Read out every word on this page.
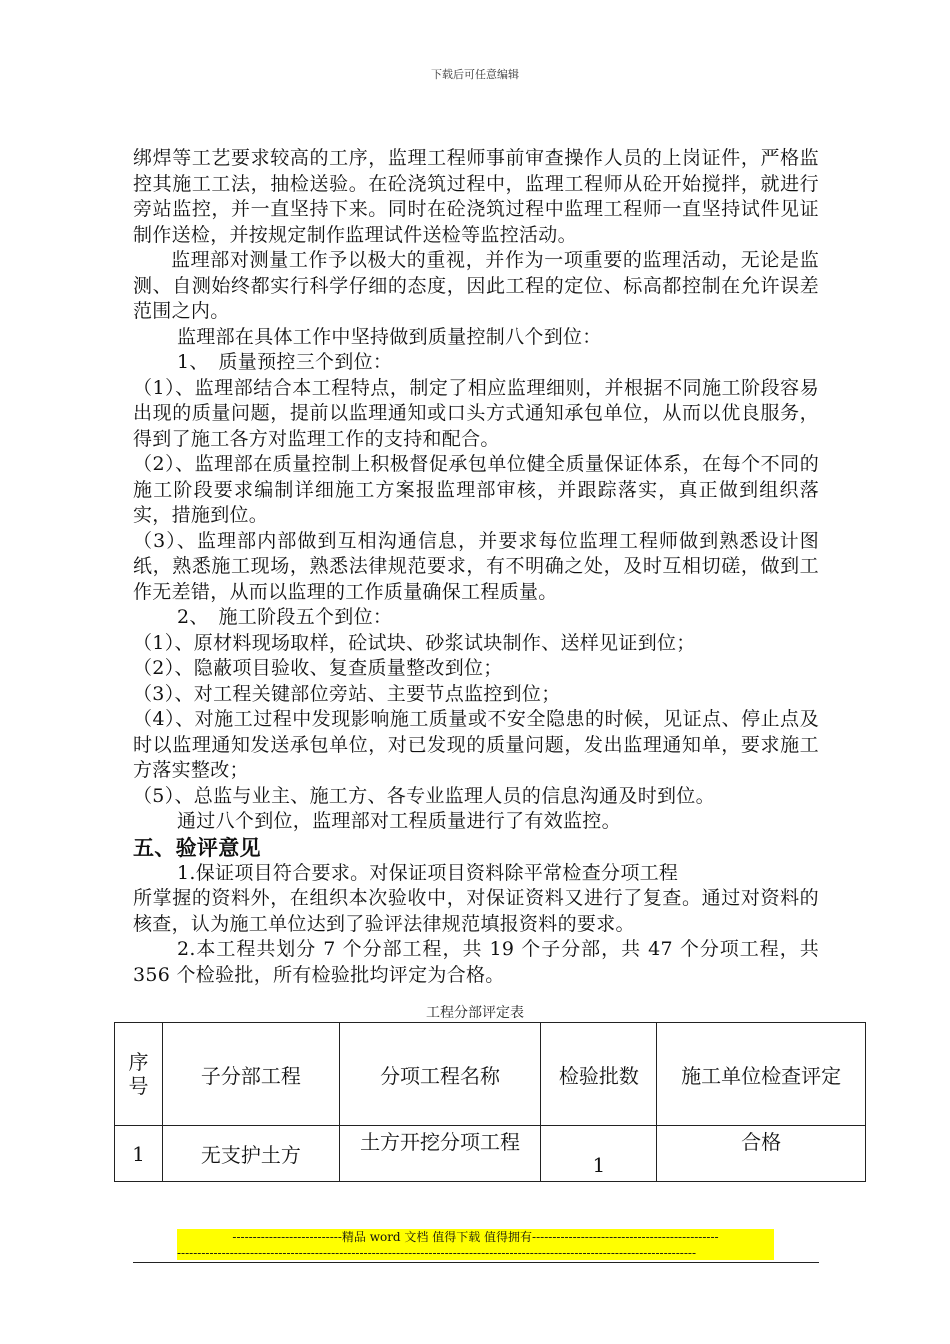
下载后可任意编辑

绑焊等工艺要求较高的工序，监理工程师事前审查操作人员的上岗证件，严格监控其施工工法，抽检送验。在砼浇筑过程中，监理工程师从砼开始搅拌，就进行旁站监控，并一直坚持下来。同时在砼浇筑过程中监理工程师一直坚持试件见证制作送检，并按规定制作监理试件送检等监控活动。

监理部对测量工作予以极大的重视，并作为一项重要的监理活动，无论是监测、自测始终都实行科学仔细的态度，因此工程的定位、标高都控制在允许误差范围之内。

监理部在具体工作中坚持做到质量控制八个到位：

1、　质量预控三个到位：

（1）、监理部结合本工程特点，制定了相应监理细则，并根据不同施工阶段容易出现的质量问题，提前以监理通知或口头方式通知承包单位，从而以优良服务，得到了施工各方对监理工作的支持和配合。

（2）、监理部在质量控制上积极督促承包单位健全质量保证体系，在每个不同的施工阶段要求编制详细施工方案报监理部审核，并跟踪落实，真正做到组织落实，措施到位。

（3）、监理部内部做到互相沟通信息，并要求每位监理工程师做到熟悉设计图纸，熟悉施工现场，熟悉法律规范要求，有不明确之处，及时互相切磋，做到工作无差错，从而以监理的工作质量确保工程质量。

2、　施工阶段五个到位：

（1）、原材料现场取样，砼试块、砂浆试块制作、送样见证到位；

（2）、隐蔽项目验收、复查质量整改到位；

（3）、对工程关键部位旁站、主要节点监控到位；

（4）、对施工过程中发现影响施工质量或不安全隐患的时候，见证点、停止点及时以监理通知发送承包单位，对已发现的质量问题，发出监理通知单，要求施工方落实整改；

（5）、总监与业主、施工方、各专业监理人员的信息沟通及时到位。

通过八个到位，监理部对工程质量进行了有效监控。

五、验评意见

1.保证项目符合要求。对保证项目资料除平常检查分项工程

所掌握的资料外，在组织本次验收中，对保证资料又进行了复查。通过对资料的核查，认为施工单位达到了验评法律规范填报资料的要求。

2.本工程共划分 7 个分部工程，共 19 个子分部，共 47 个分项工程，共 356 个检验批，所有检验批均评定为合格。

工程分部评定表
序号	子分部工程	分项工程名称	检验批数	施工单位检查评定
1	无支护土方	土方开挖分项工程	1	合格
---------------------------精品 word 文档 值得下载 值得拥有----------------------------------------------
--------------------------------------------------------------------------------------------------------------------------------
